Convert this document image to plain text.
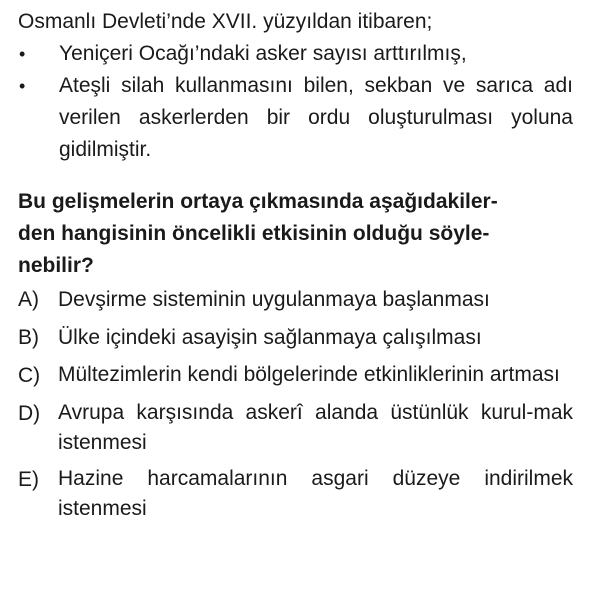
Osmanlı Devleti’nde XVII. yüzyıldan itibaren;

•	Yeniçeri Ocağı’ndaki asker sayısı arttırılmış,
•	Ateşli silah kullanmasını bilen, sekban ve sarıca adı verilen askerlerden bir ordu oluşturulması yoluna gidilmiştir.

Bu gelişmelerin ortaya çıkmasında aşağıdakiler-
den hangisinin öncelikli etkisinin olduğu söyle-
nebilir?

A) Devşirme sisteminin uygulanmaya başlanması
B) Ülke içindeki asayişin sağlanmaya çalışılması
C) Mültezimlerin kendi bölgelerinde etkinliklerinin artması
D) Avrupa karşısında askerî alanda üstünlük kurul-mak istenmesi
E) Hazine harcamalarının asgari düzeye indirilmek istenmesi
